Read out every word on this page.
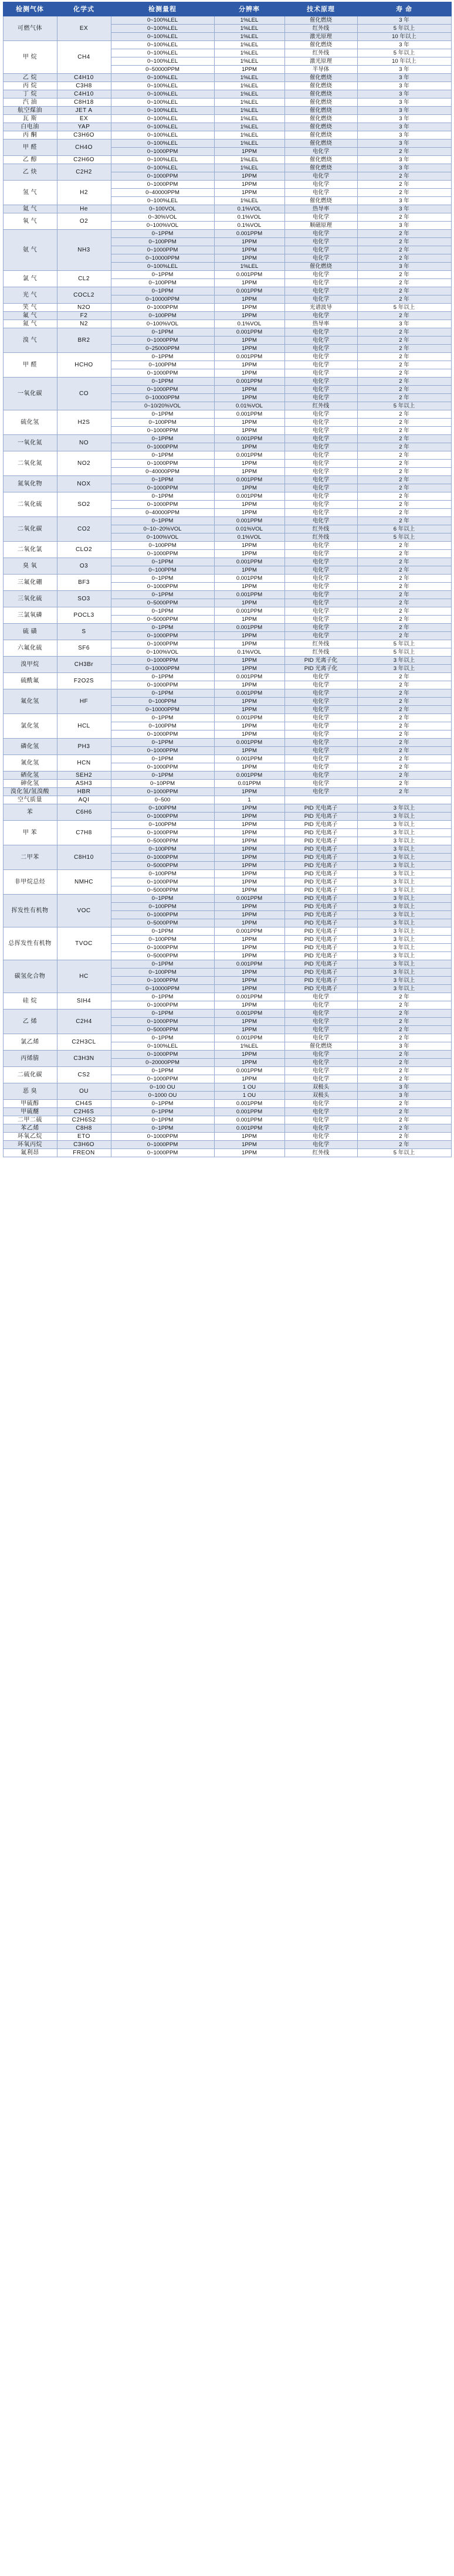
检测气体	化学式	检测量程	分辨率	技术原理	寿 命
可燃气体	EX	0~100%LEL	1%LEL	催化燃烧	3 年
		0~100%LEL	1%LEL	红外线	5 年以上
		0~100%LEL	1%LEL	激光原理	10 年以上
甲 烷	CH4	0~100%LEL	1%LEL	催化燃烧	3 年
		0~100%LEL	1%LEL	红外线	5 年以上
		0~100%LEL	1%LEL	激光原理	10 年以上
		0~50000PPM	1PPM	半导体	3 年
乙 烷	C4H10	0~100%LEL	1%LEL	催化燃烧	3 年
丙 烷	C3H8	0~100%LEL	1%LEL	催化燃烧	3 年
丁 烷	C4H10	0~100%LEL	1%LEL	催化燃烧	3 年
汽 油	C8H18	0~100%LEL	1%LEL	催化燃烧	3 年
航空煤油	JET A	0~100%LEL	1%LEL	催化燃烧	3 年
瓦 斯	EX	0~100%LEL	1%LEL	催化燃烧	3 年
白电油	YAP	0~100%LEL	1%LEL	催化燃烧	3 年
丙 酮	C3H6O	0~100%LEL	1%LEL	催化燃烧	3 年
甲 醛	CH4O	0~100%LEL	1%LEL	催化燃烧	3 年
		0~1000PPM	1PPM	电化学	2 年
乙 醇	C2H6O	0~100%LEL	1%LEL	催化燃烧	3 年
乙 炔	C2H2	0~100%LEL	1%LEL	催化燃烧	3 年
		0~1000PPM	1PPM	电化学	2 年
氢 气	H2	0~1000PPM	1PPM	电化学	2 年
		0~40000PPM	1PPM	电化学	2 年
		0~100%LEL	1%LEL	催化燃烧	3 年
氦 气	He	0~100VOL	0.1%VOL	热导率	3 年
氧 气	O2	0~30%VOL	0.1%VOL	电化学	2 年
		0~100%VOL	0.1%VOL	顺磁原理	3 年
氨 气	NH3	0~1PPM	0.001PPM	电化学	2 年
		0~100PPM	1PPM	电化学	2 年
		0~1000PPM	1PPM	电化学	2 年
		0~10000PPM	1PPM	电化学	2 年
		0~100%LEL	1%LEL	催化燃烧	3 年
氯 气	CL2	0~1PPM	0.001PPM	电化学	2 年
		0~100PPM	1PPM	电化学	2 年
光 气	COCL2	0~1PPM	0.001PPM	电化学	2 年
		0~10000PPM	1PPM	电化学	2 年
笑 气	N2O	0~1000PPM	1PPM	光谱波导	5 年以上
氟 气	F2	0~100PPM	1PPM	电化学	2 年
氮 气	N2	0~100%VOL	0.1%VOL	热导率	3 年
溴 气	BR2	0~1PPM	0.001PPM	电化学	2 年
		0~1000PPM	1PPM	电化学	2 年
		0~25000PPM	1PPM	电化学	2 年
甲 醛	HCHO	0~1PPM	0.001PPM	电化学	2 年
		0~100PPM	1PPM	电化学	2 年
		0~1000PPM	1PPM	电化学	2 年
一氧化碳	CO	0~1PPM	0.001PPM	电化学	2 年
		0~1000PPM	1PPM	电化学	2 年
		0~10000PPM	1PPM	电化学	2 年
		0~10/20%VOL	0.01%VOL	红外线	5 年以上
硫化氢	H2S	0~1PPM	0.001PPM	电化学	2 年
		0~100PPM	1PPM	电化学	2 年
		0~1000PPM	1PPM	电化学	2 年
一氧化氮	NO	0~1PPM	0.001PPM	电化学	2 年
		0~1000PPM	1PPM	电化学	2 年
二氧化氮	NO2	0~1PPM	0.001PPM	电化学	2 年
		0~1000PPM	1PPM	电化学	2 年
		0~40000PPM	1PPM	电化学	2 年
氮氧化物	NOX	0~1PPM	0.001PPM	电化学	2 年
		0~1000PPM	1PPM	电化学	2 年
二氧化硫	SO2	0~1PPM	0.001PPM	电化学	2 年
		0~1000PPM	1PPM	电化学	2 年
		0~40000PPM	1PPM	电化学	2 年
二氧化碳	CO2	0~1PPM	0.001PPM	电化学	2 年
		0~10~20%VOL	0.01%VOL	红外线	6 年以上
		0~100%VOL	0.1%VOL	红外线	5 年以上
二氧化氯	CLO2	0~100PPM	1PPM	电化学	2 年
		0~1000PPM	1PPM	电化学	2 年
臭 氧	O3	0~1PPM	0.001PPM	电化学	2 年
		0~100PPM	1PPM	电化学	2 年
三氟化硼	BF3	0~1PPM	0.001PPM	电化学	2 年
		0~1000PPM	1PPM	电化学	2 年
三氧化硫	SO3	0~1PPM	0.001PPM	电化学	2 年
		0~5000PPM	1PPM	电化学	2 年
三氯氧磷	POCL3	0~1PPM	0.001PPM	电化学	2 年
		0~5000PPM	1PPM	电化学	2 年
硫 磺	S	0~1PPM	0.001PPM	电化学	2 年
		0~1000PPM	1PPM	电化学	2 年
六氟化硫	SF6	0~1000PPM	1PPM	红外线	5 年以上
		0~100%VOL	0.1%VOL	红外线	5 年以上
溴甲烷	CH3Br	0~1000PPM	1PPM	PID 光离子化	3 年以上
		0~10000PPM	1PPM	PID 光离子化	3 年以上
硫酰氟	F2O2S	0~1PPM	0.001PPM	电化学	2 年
		0~1000PPM	1PPM	电化学	2 年
氟化氢	HF	0~1PPM	0.001PPM	电化学	2 年
		0~100PPM	1PPM	电化学	2 年
		0~10000PPM	1PPM	电化学	2 年
氯化氢	HCL	0~1PPM	0.001PPM	电化学	2 年
		0~100PPM	1PPM	电化学	2 年
		0~1000PPM	1PPM	电化学	2 年
磷化氢	PH3	0~1PPM	0.001PPM	电化学	2 年
		0~1000PPM	1PPM	电化学	2 年
氰化氢	HCN	0~1PPM	0.001PPM	电化学	2 年
		0~1000PPM	1PPM	电化学	2 年
硒化氢	SEH2	0~1PPM	0.001PPM	电化学	2 年
砷化氢	ASH3	0~10PPM	0.01PPM	电化学	2 年
溴化氢/氢溴酸	HBR	0~1000PPM	1PPM	电化学	2 年
空气质量	AQI	0~500	1		
苯	C6H6	0~100PPM	1PPM	PID 光电离子	3 年以上
		0~1000PPM	1PPM	PID 光电离子	3 年以上
甲 苯	C7H8	0~100PPM	1PPM	PID 光电离子	3 年以上
		0~1000PPM	1PPM	PID 光电离子	3 年以上
		0~5000PPM	1PPM	PID 光电离子	3 年以上
二甲苯	C8H10	0~100PPM	1PPM	PID 光电离子	3 年以上
		0~1000PPM	1PPM	PID 光电离子	3 年以上
		0~5000PPM	1PPM	PID 光电离子	3 年以上
非甲烷总烃	NMHC	0~100PPM	1PPM	PID 光电离子	3 年以上
		0~1000PPM	1PPM	PID 光电离子	3 年以上
		0~5000PPM	1PPM	PID 光电离子	3 年以上
挥发性有机物	VOC	0~1PPM	0.001PPM	PID 光电离子	3 年以上
		0~100PPM	1PPM	PID 光电离子	3 年以上
		0~1000PPM	1PPM	PID 光电离子	3 年以上
		0~5000PPM	1PPM	PID 光电离子	3 年以上
总挥发性有机物	TVOC	0~1PPM	0.001PPM	PID 光电离子	3 年以上
		0~100PPM	1PPM	PID 光电离子	3 年以上
		0~1000PPM	1PPM	PID 光电离子	3 年以上
		0~5000PPM	1PPM	PID 光电离子	3 年以上
碳氢化合物	HC	0~1PPM	0.001PPM	PID 光电离子	3 年以上
		0~100PPM	1PPM	PID 光电离子	3 年以上
		0~1000PPM	1PPM	PID 光电离子	3 年以上
		0~10000PPM	1PPM	PID 光电离子	3 年以上
硅 烷	SIH4	0~1PPM	0.001PPM	电化学	2 年
		0~1000PPM	1PPM	电化学	2 年
乙 烯	C2H4	0~1PPM	0.001PPM	电化学	2 年
		0~1000PPM	1PPM	电化学	2 年
		0~5000PPM	1PPM	电化学	2 年
氯乙烯	C2H3CL	0~1PPM	0.001PPM	电化学	2 年
		0~100%LEL	1%LEL	催化燃烧	3 年
丙烯腈	C3H3N	0~1000PPM	1PPM	电化学	2 年
		0~20000PPM	1PPM	电化学	2 年
二硫化碳	CS2	0~1PPM	0.001PPM	电化学	2 年
		0~1000PPM	1PPM	电化学	2 年
恶 臭	OU	0~100 OU	1 OU	双极头	3 年
		0~1000 OU	1 OU	双极头	3 年
甲硫醇	CH4S	0~1PPM	0.001PPM	电化学	2 年
甲硫醚	C2H6S	0~1PPM	0.001PPM	电化学	2 年
二甲二硫	C2H6S2	0~1PPM	0.001PPM	电化学	2 年
苯乙烯	C8H8	0~1PPM	0.001PPM	电化学	2 年
环氧乙烷	ETO	0~1000PPM	1PPM	电化学	2 年
环氧丙烷	C3H6O	0~1000PPM	1PPM	电化学	2 年
氟利昂	FREON	0~1000PPM	1PPM	红外线	5 年以上
